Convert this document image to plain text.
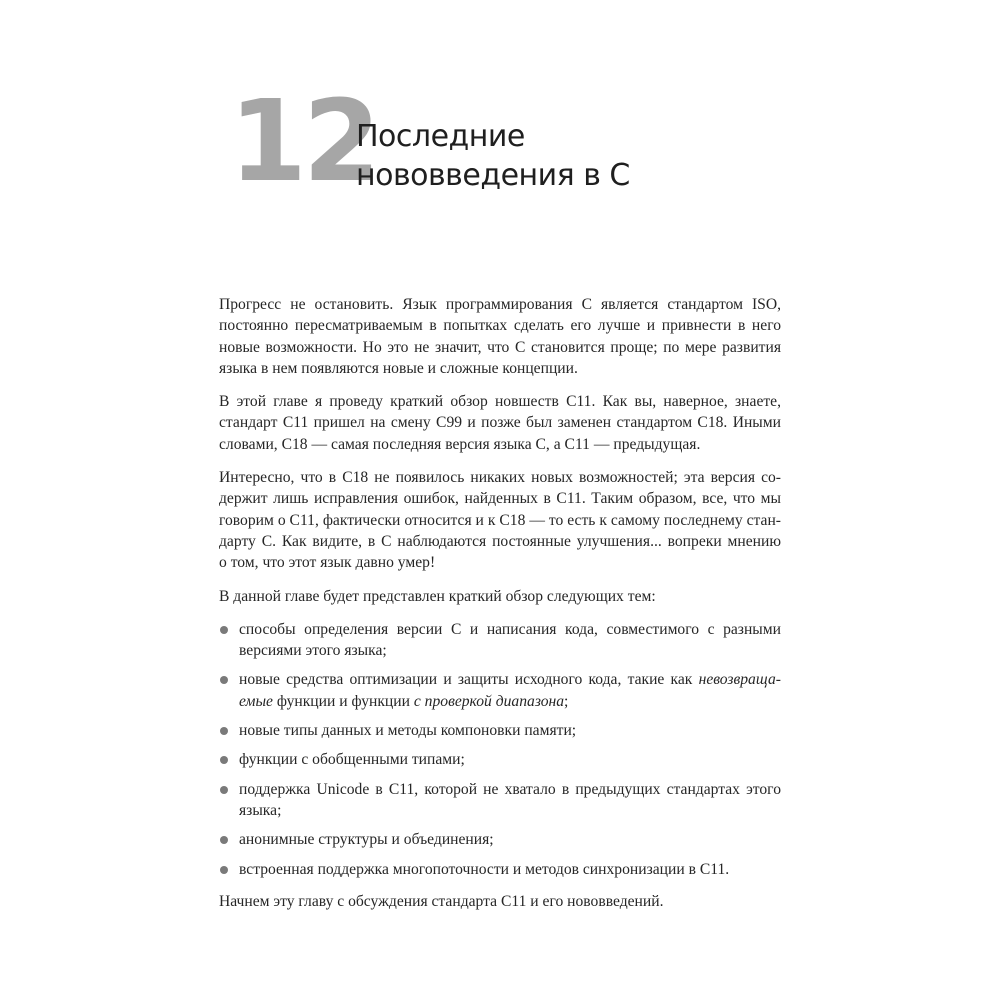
12
Последние
нововведения в С

Прогресс не остановить. Язык программирования С является стандартом ISO,
постоянно пересматриваемым в попытках сделать его лучше и привнести в него
новые возможности. Но это не значит, что С становится проще; по мере развития
языка в нем появляются новые и сложные концепции.

В этой главе я проведу краткий обзор новшеств С11. Как вы, наверное, знаете,
стандарт С11 пришел на смену С99 и позже был заменен стандартом С18. Иными
словами, С18 — самая последняя версия языка С, а С11 — предыдущая.

Интересно, что в С18 не появилось никаких новых возможностей; эта версия со-
держит лишь исправления ошибок, найденных в С11. Таким образом, все, что мы
говорим о С11, фактически относится и к С18 — то есть к самому последнему стан-
дарту С. Как видите, в С наблюдаются постоянные улучшения... вопреки мнению
о том, что этот язык давно умер!

В данной главе будет представлен краткий обзор следующих тем:

способы определения версии С и написания кода, совместимого с разными
версиями этого языка;
новые средства оптимизации и защиты исходного кода, такие как невозвраща-
емые функции и функции с проверкой диапазона;
новые типы данных и методы компоновки памяти;
функции с обобщенными типами;
поддержка Unicode в С11, которой не хватало в предыдущих стандартах этого
языка;
анонимные структуры и объединения;
встроенная поддержка многопоточности и методов синхронизации в С11.

Начнем эту главу с обсуждения стандарта С11 и его нововведений.
